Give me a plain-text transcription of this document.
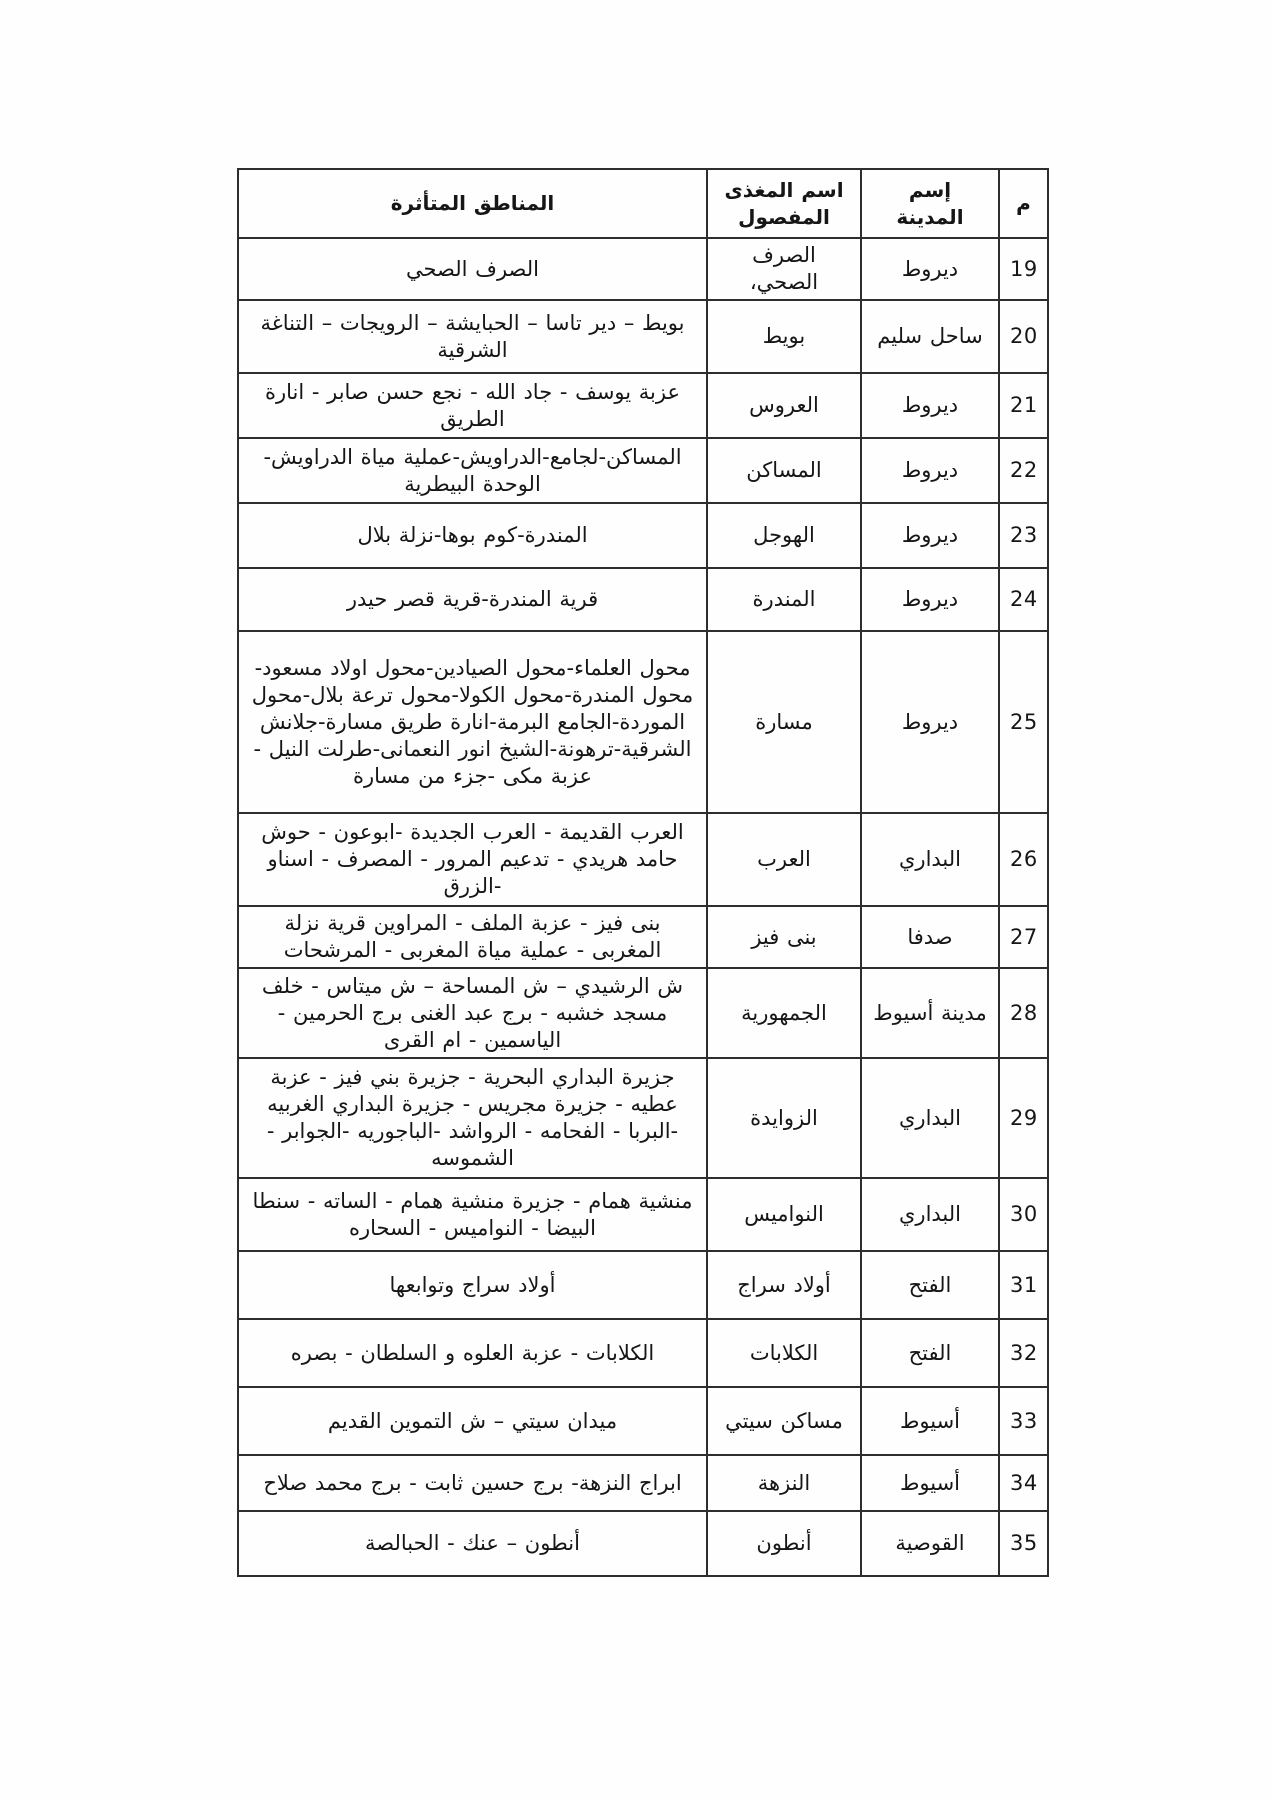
م	إسم المدينة	اسم المغذى المفصول	المناطق المتأثرة
19	ديروط	الصرف الصحي،	الصرف الصحي
20	ساحل سليم	بويط	بويط – دير تاسا – الحبايشة – الرويجات – التناغة الشرقية
21	ديروط	العروس	عزبة يوسف - جاد الله - نجع حسن صابر - انارة الطريق
22	ديروط	المساكن	المساكن-لجامع-الدراويش-عملية مياة الدراويش-الوحدة البيطرية
23	ديروط	الهوجل	المندرة-كوم بوها-نزلة بلال
24	ديروط	المندرة	قرية المندرة-قرية قصر حيدر
25	ديروط	مسارة	محول العلماء-محول الصيادين-محول اولاد مسعود- محول المندرة-محول الكولا-محول ترعة بلال-محول الموردة-الجامع البرمة-انارة طريق مسارة-جلانش الشرقية-ترهونة-الشيخ انور النعمانى-طرلت النيل - عزبة مكى -جزء من مسارة
26	البداري	العرب	العرب القديمة - العرب الجديدة -ابوعون - حوش حامد هريدي - تدعيم المرور - المصرف - اسناو -الزرق
27	صدفا	بنى فيز	بنى فيز - عزبة الملف - المراوين قرية نزلة المغربى - عملية مياة المغربى - المرشحات
28	مدينة أسيوط	الجمهورية	ش الرشيدي – ش المساحة – ش ميتاس - خلف مسجد خشبه - برج عبد الغنى برج الحرمين - الياسمين - ام القرى
29	البداري	الزوايدة	جزيرة البداري البحرية - جزيرة بني فيز - عزبة عطيه - جزيرة مجريس - جزيرة البداري الغربيه -البربا - الفحامه - الرواشد -الباجوريه -الجوابر - الشموسه
30	البداري	النواميس	منشية همام - جزيرة منشية همام - الساته - سنطا البيضا - النواميس - السحاره
31	الفتح	أولاد سراج	أولاد سراج وتوابعها
32	الفتح	الكلابات	الكلابات - عزبة العلوه و السلطان - بصره
33	أسيوط	مساكن سيتي	ميدان سيتي – ش التموين القديم
34	أسيوط	النزهة	ابراج النزهة- برج حسين ثابت - برج محمد صلاح
35	القوصية	أنطون	أنطون – عنك - الحبالصة
